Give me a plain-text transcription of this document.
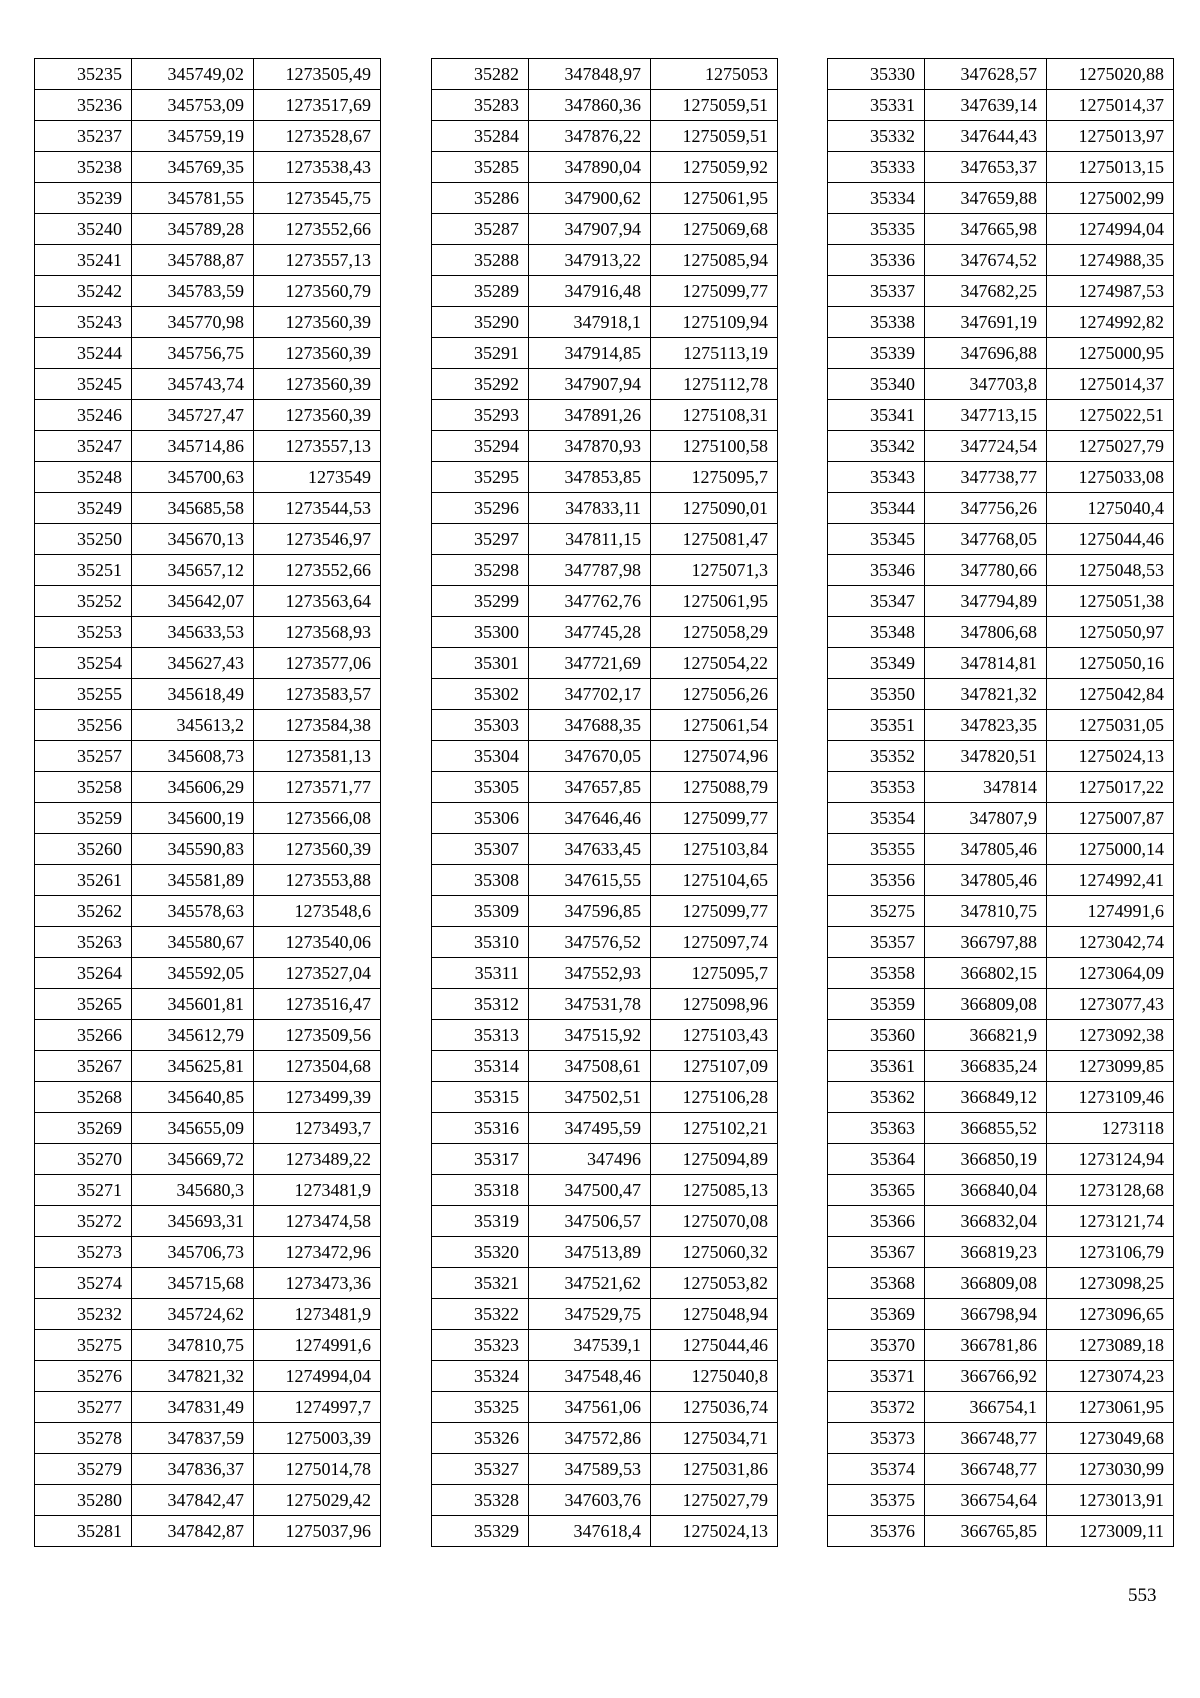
35235	345749,02	1273505,49
35236	345753,09	1273517,69
35237	345759,19	1273528,67
35238	345769,35	1273538,43
35239	345781,55	1273545,75
35240	345789,28	1273552,66
35241	345788,87	1273557,13
35242	345783,59	1273560,79
35243	345770,98	1273560,39
35244	345756,75	1273560,39
35245	345743,74	1273560,39
35246	345727,47	1273560,39
35247	345714,86	1273557,13
35248	345700,63	1273549
35249	345685,58	1273544,53
35250	345670,13	1273546,97
35251	345657,12	1273552,66
35252	345642,07	1273563,64
35253	345633,53	1273568,93
35254	345627,43	1273577,06
35255	345618,49	1273583,57
35256	345613,2	1273584,38
35257	345608,73	1273581,13
35258	345606,29	1273571,77
35259	345600,19	1273566,08
35260	345590,83	1273560,39
35261	345581,89	1273553,88
35262	345578,63	1273548,6
35263	345580,67	1273540,06
35264	345592,05	1273527,04
35265	345601,81	1273516,47
35266	345612,79	1273509,56
35267	345625,81	1273504,68
35268	345640,85	1273499,39
35269	345655,09	1273493,7
35270	345669,72	1273489,22
35271	345680,3	1273481,9
35272	345693,31	1273474,58
35273	345706,73	1273472,96
35274	345715,68	1273473,36
35232	345724,62	1273481,9
35275	347810,75	1274991,6
35276	347821,32	1274994,04
35277	347831,49	1274997,7
35278	347837,59	1275003,39
35279	347836,37	1275014,78
35280	347842,47	1275029,42
35281	347842,87	1275037,96
35282	347848,97	1275053
35283	347860,36	1275059,51
35284	347876,22	1275059,51
35285	347890,04	1275059,92
35286	347900,62	1275061,95
35287	347907,94	1275069,68
35288	347913,22	1275085,94
35289	347916,48	1275099,77
35290	347918,1	1275109,94
35291	347914,85	1275113,19
35292	347907,94	1275112,78
35293	347891,26	1275108,31
35294	347870,93	1275100,58
35295	347853,85	1275095,7
35296	347833,11	1275090,01
35297	347811,15	1275081,47
35298	347787,98	1275071,3
35299	347762,76	1275061,95
35300	347745,28	1275058,29
35301	347721,69	1275054,22
35302	347702,17	1275056,26
35303	347688,35	1275061,54
35304	347670,05	1275074,96
35305	347657,85	1275088,79
35306	347646,46	1275099,77
35307	347633,45	1275103,84
35308	347615,55	1275104,65
35309	347596,85	1275099,77
35310	347576,52	1275097,74
35311	347552,93	1275095,7
35312	347531,78	1275098,96
35313	347515,92	1275103,43
35314	347508,61	1275107,09
35315	347502,51	1275106,28
35316	347495,59	1275102,21
35317	347496	1275094,89
35318	347500,47	1275085,13
35319	347506,57	1275070,08
35320	347513,89	1275060,32
35321	347521,62	1275053,82
35322	347529,75	1275048,94
35323	347539,1	1275044,46
35324	347548,46	1275040,8
35325	347561,06	1275036,74
35326	347572,86	1275034,71
35327	347589,53	1275031,86
35328	347603,76	1275027,79
35329	347618,4	1275024,13
35330	347628,57	1275020,88
35331	347639,14	1275014,37
35332	347644,43	1275013,97
35333	347653,37	1275013,15
35334	347659,88	1275002,99
35335	347665,98	1274994,04
35336	347674,52	1274988,35
35337	347682,25	1274987,53
35338	347691,19	1274992,82
35339	347696,88	1275000,95
35340	347703,8	1275014,37
35341	347713,15	1275022,51
35342	347724,54	1275027,79
35343	347738,77	1275033,08
35344	347756,26	1275040,4
35345	347768,05	1275044,46
35346	347780,66	1275048,53
35347	347794,89	1275051,38
35348	347806,68	1275050,97
35349	347814,81	1275050,16
35350	347821,32	1275042,84
35351	347823,35	1275031,05
35352	347820,51	1275024,13
35353	347814	1275017,22
35354	347807,9	1275007,87
35355	347805,46	1275000,14
35356	347805,46	1274992,41
35275	347810,75	1274991,6
35357	366797,88	1273042,74
35358	366802,15	1273064,09
35359	366809,08	1273077,43
35360	366821,9	1273092,38
35361	366835,24	1273099,85
35362	366849,12	1273109,46
35363	366855,52	1273118
35364	366850,19	1273124,94
35365	366840,04	1273128,68
35366	366832,04	1273121,74
35367	366819,23	1273106,79
35368	366809,08	1273098,25
35369	366798,94	1273096,65
35370	366781,86	1273089,18
35371	366766,92	1273074,23
35372	366754,1	1273061,95
35373	366748,77	1273049,68
35374	366748,77	1273030,99
35375	366754,64	1273013,91
35376	366765,85	1273009,11
553
